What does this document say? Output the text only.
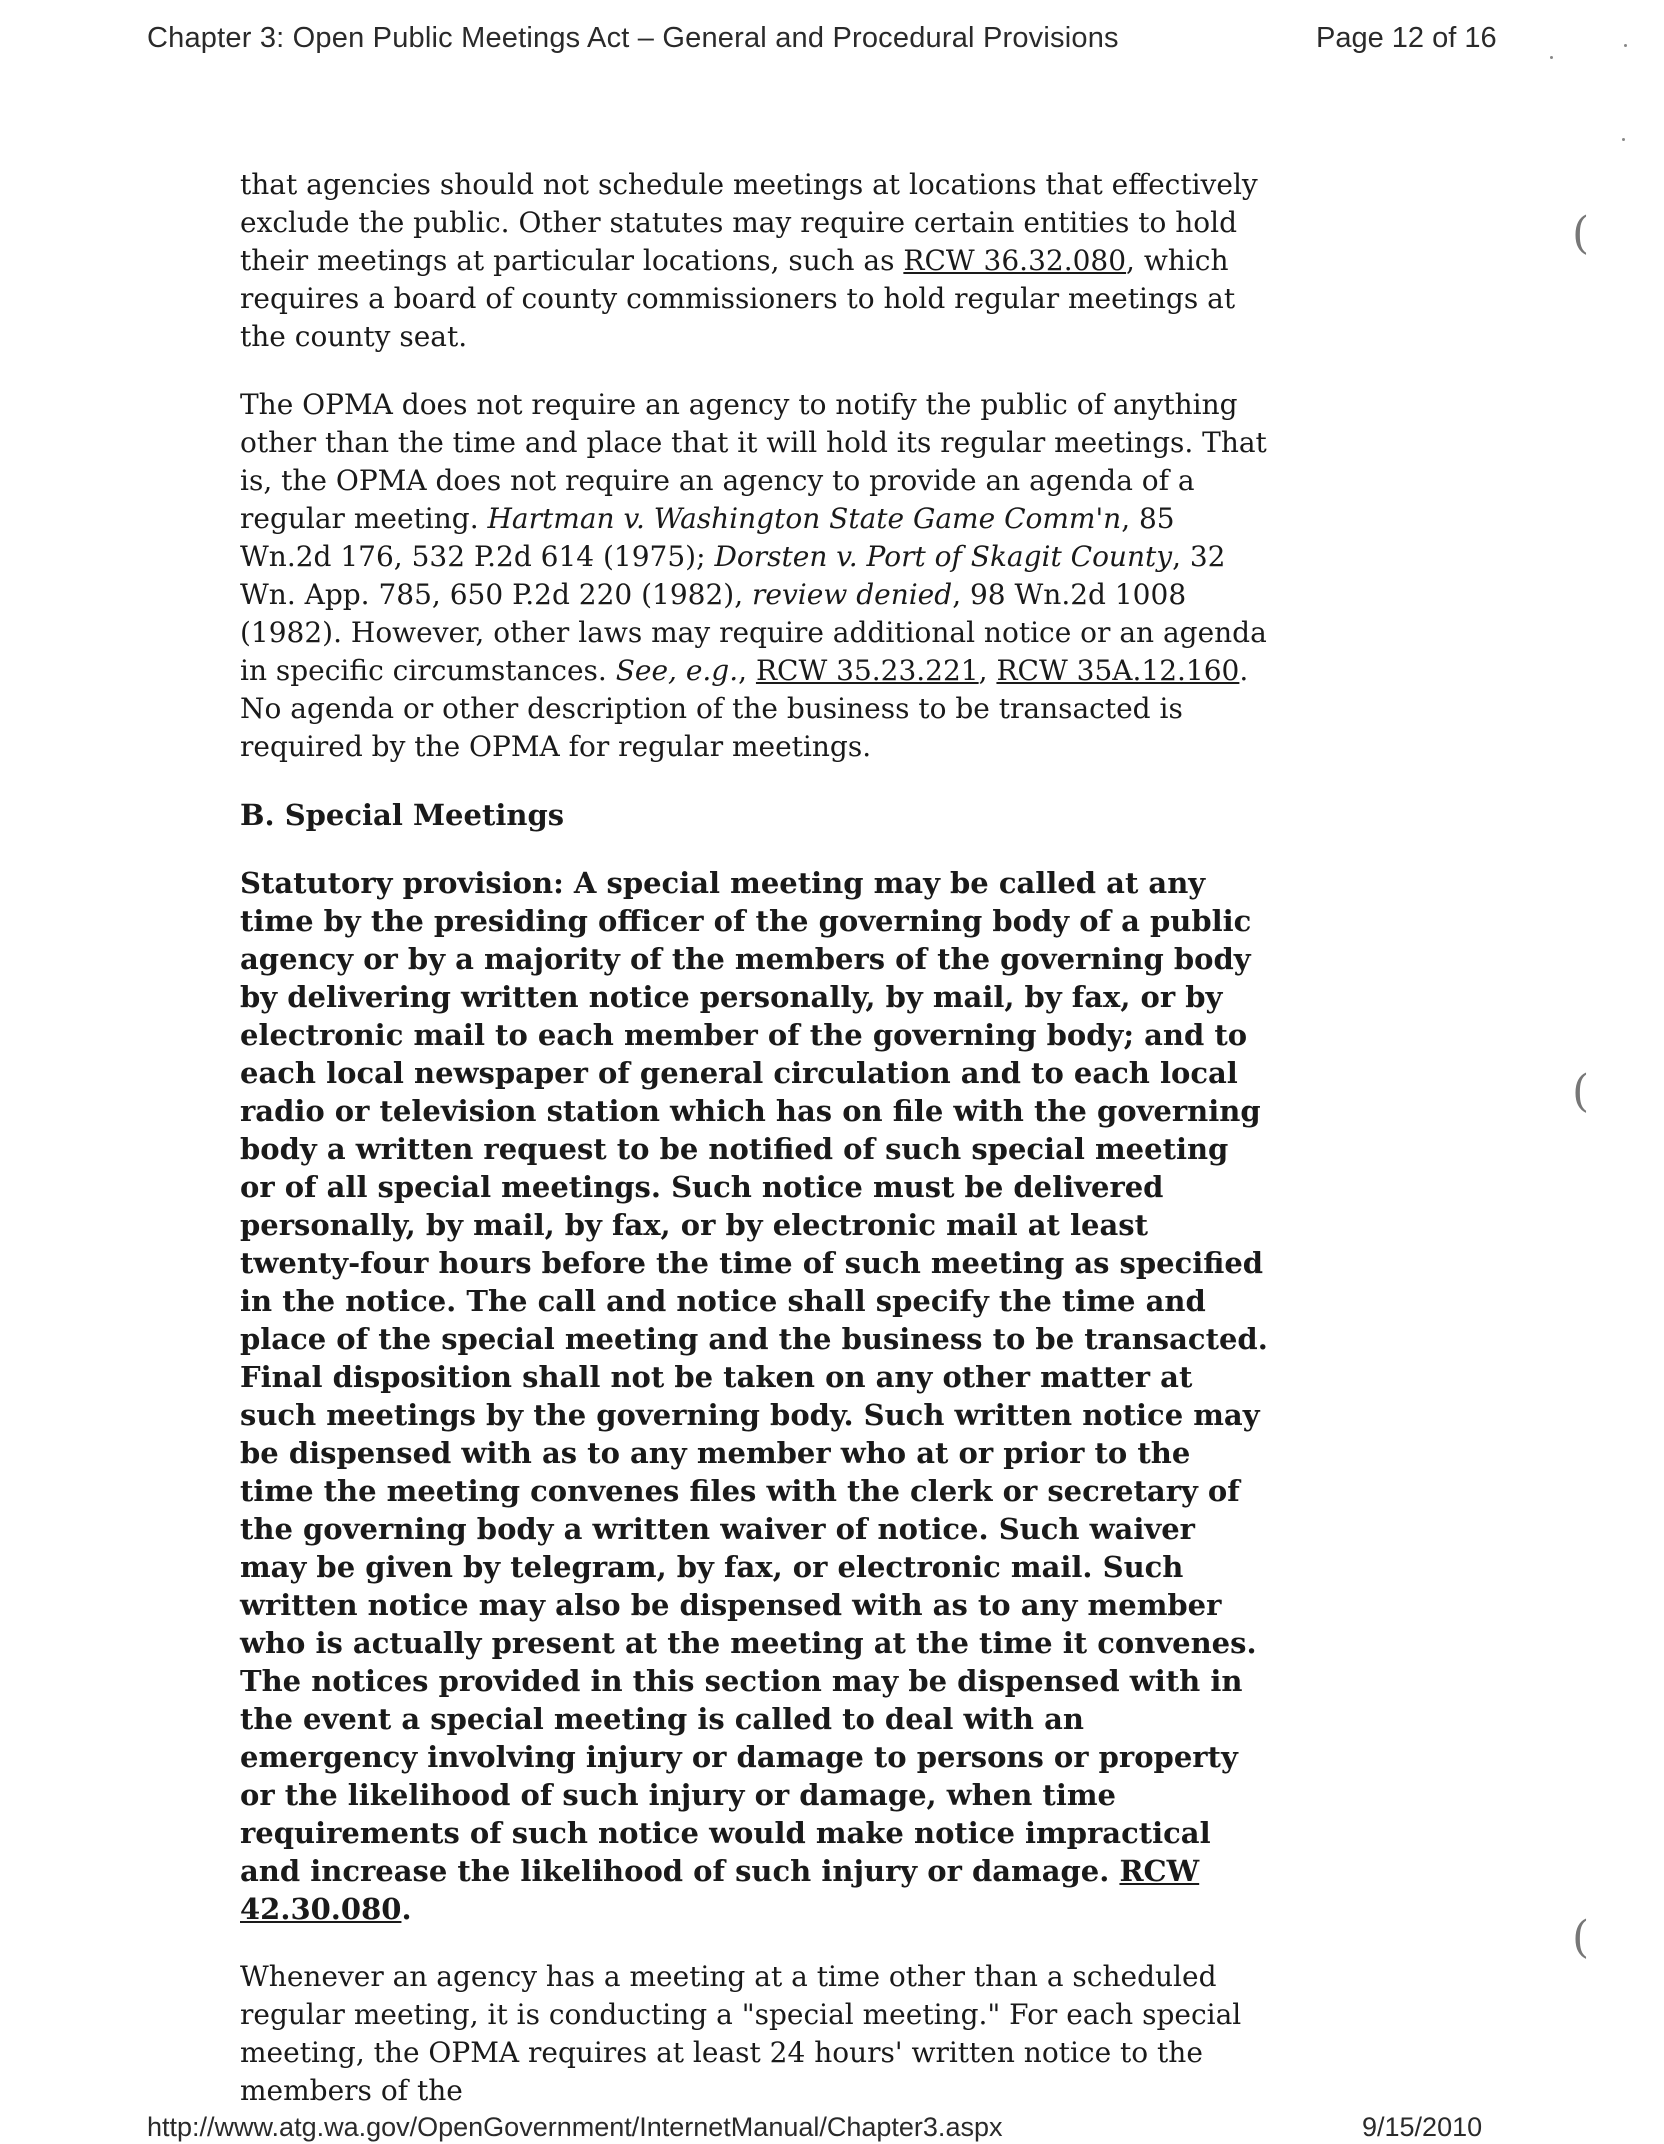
Chapter 3: Open Public Meetings Act – General and Procedural Provisions	Page 12 of 16

that agencies should not schedule meetings at locations that effectively exclude the public. Other statutes may require certain entities to hold their meetings at particular locations, such as RCW 36.32.080, which requires a board of county commissioners to hold regular meetings at the county seat.

The OPMA does not require an agency to notify the public of anything other than the time and place that it will hold its regular meetings. That is, the OPMA does not require an agency to provide an agenda of a regular meeting. Hartman v. Washington State Game Comm'n, 85 Wn.2d 176, 532 P.2d 614 (1975); Dorsten v. Port of Skagit County, 32 Wn. App. 785, 650 P.2d 220 (1982), review denied, 98 Wn.2d 1008 (1982). However, other laws may require additional notice or an agenda in specific circumstances. See, e.g., RCW 35.23.221, RCW 35A.12.160. No agenda or other description of the business to be transacted is required by the OPMA for regular meetings.

B. Special Meetings

Statutory provision: A special meeting may be called at any time by the presiding officer of the governing body of a public agency or by a majority of the members of the governing body by delivering written notice personally, by mail, by fax, or by electronic mail to each member of the governing body; and to each local newspaper of general circulation and to each local radio or television station which has on file with the governing body a written request to be notified of such special meeting or of all special meetings. Such notice must be delivered personally, by mail, by fax, or by electronic mail at least twenty-four hours before the time of such meeting as specified in the notice. The call and notice shall specify the time and place of the special meeting and the business to be transacted. Final disposition shall not be taken on any other matter at such meetings by the governing body. Such written notice may be dispensed with as to any member who at or prior to the time the meeting convenes files with the clerk or secretary of the governing body a written waiver of notice. Such waiver may be given by telegram, by fax, or electronic mail. Such written notice may also be dispensed with as to any member who is actually present at the meeting at the time it convenes. The notices provided in this section may be dispensed with in the event a special meeting is called to deal with an emergency involving injury or damage to persons or property or the likelihood of such injury or damage, when time requirements of such notice would make notice impractical and increase the likelihood of such injury or damage. RCW 42.30.080.

Whenever an agency has a meeting at a time other than a scheduled regular meeting, it is conducting a "special meeting." For each special meeting, the OPMA requires at least 24 hours' written notice to the members of the

(
(
(
http://www.atg.wa.gov/OpenGovernment/InternetManual/Chapter3.aspx	9/15/2010
